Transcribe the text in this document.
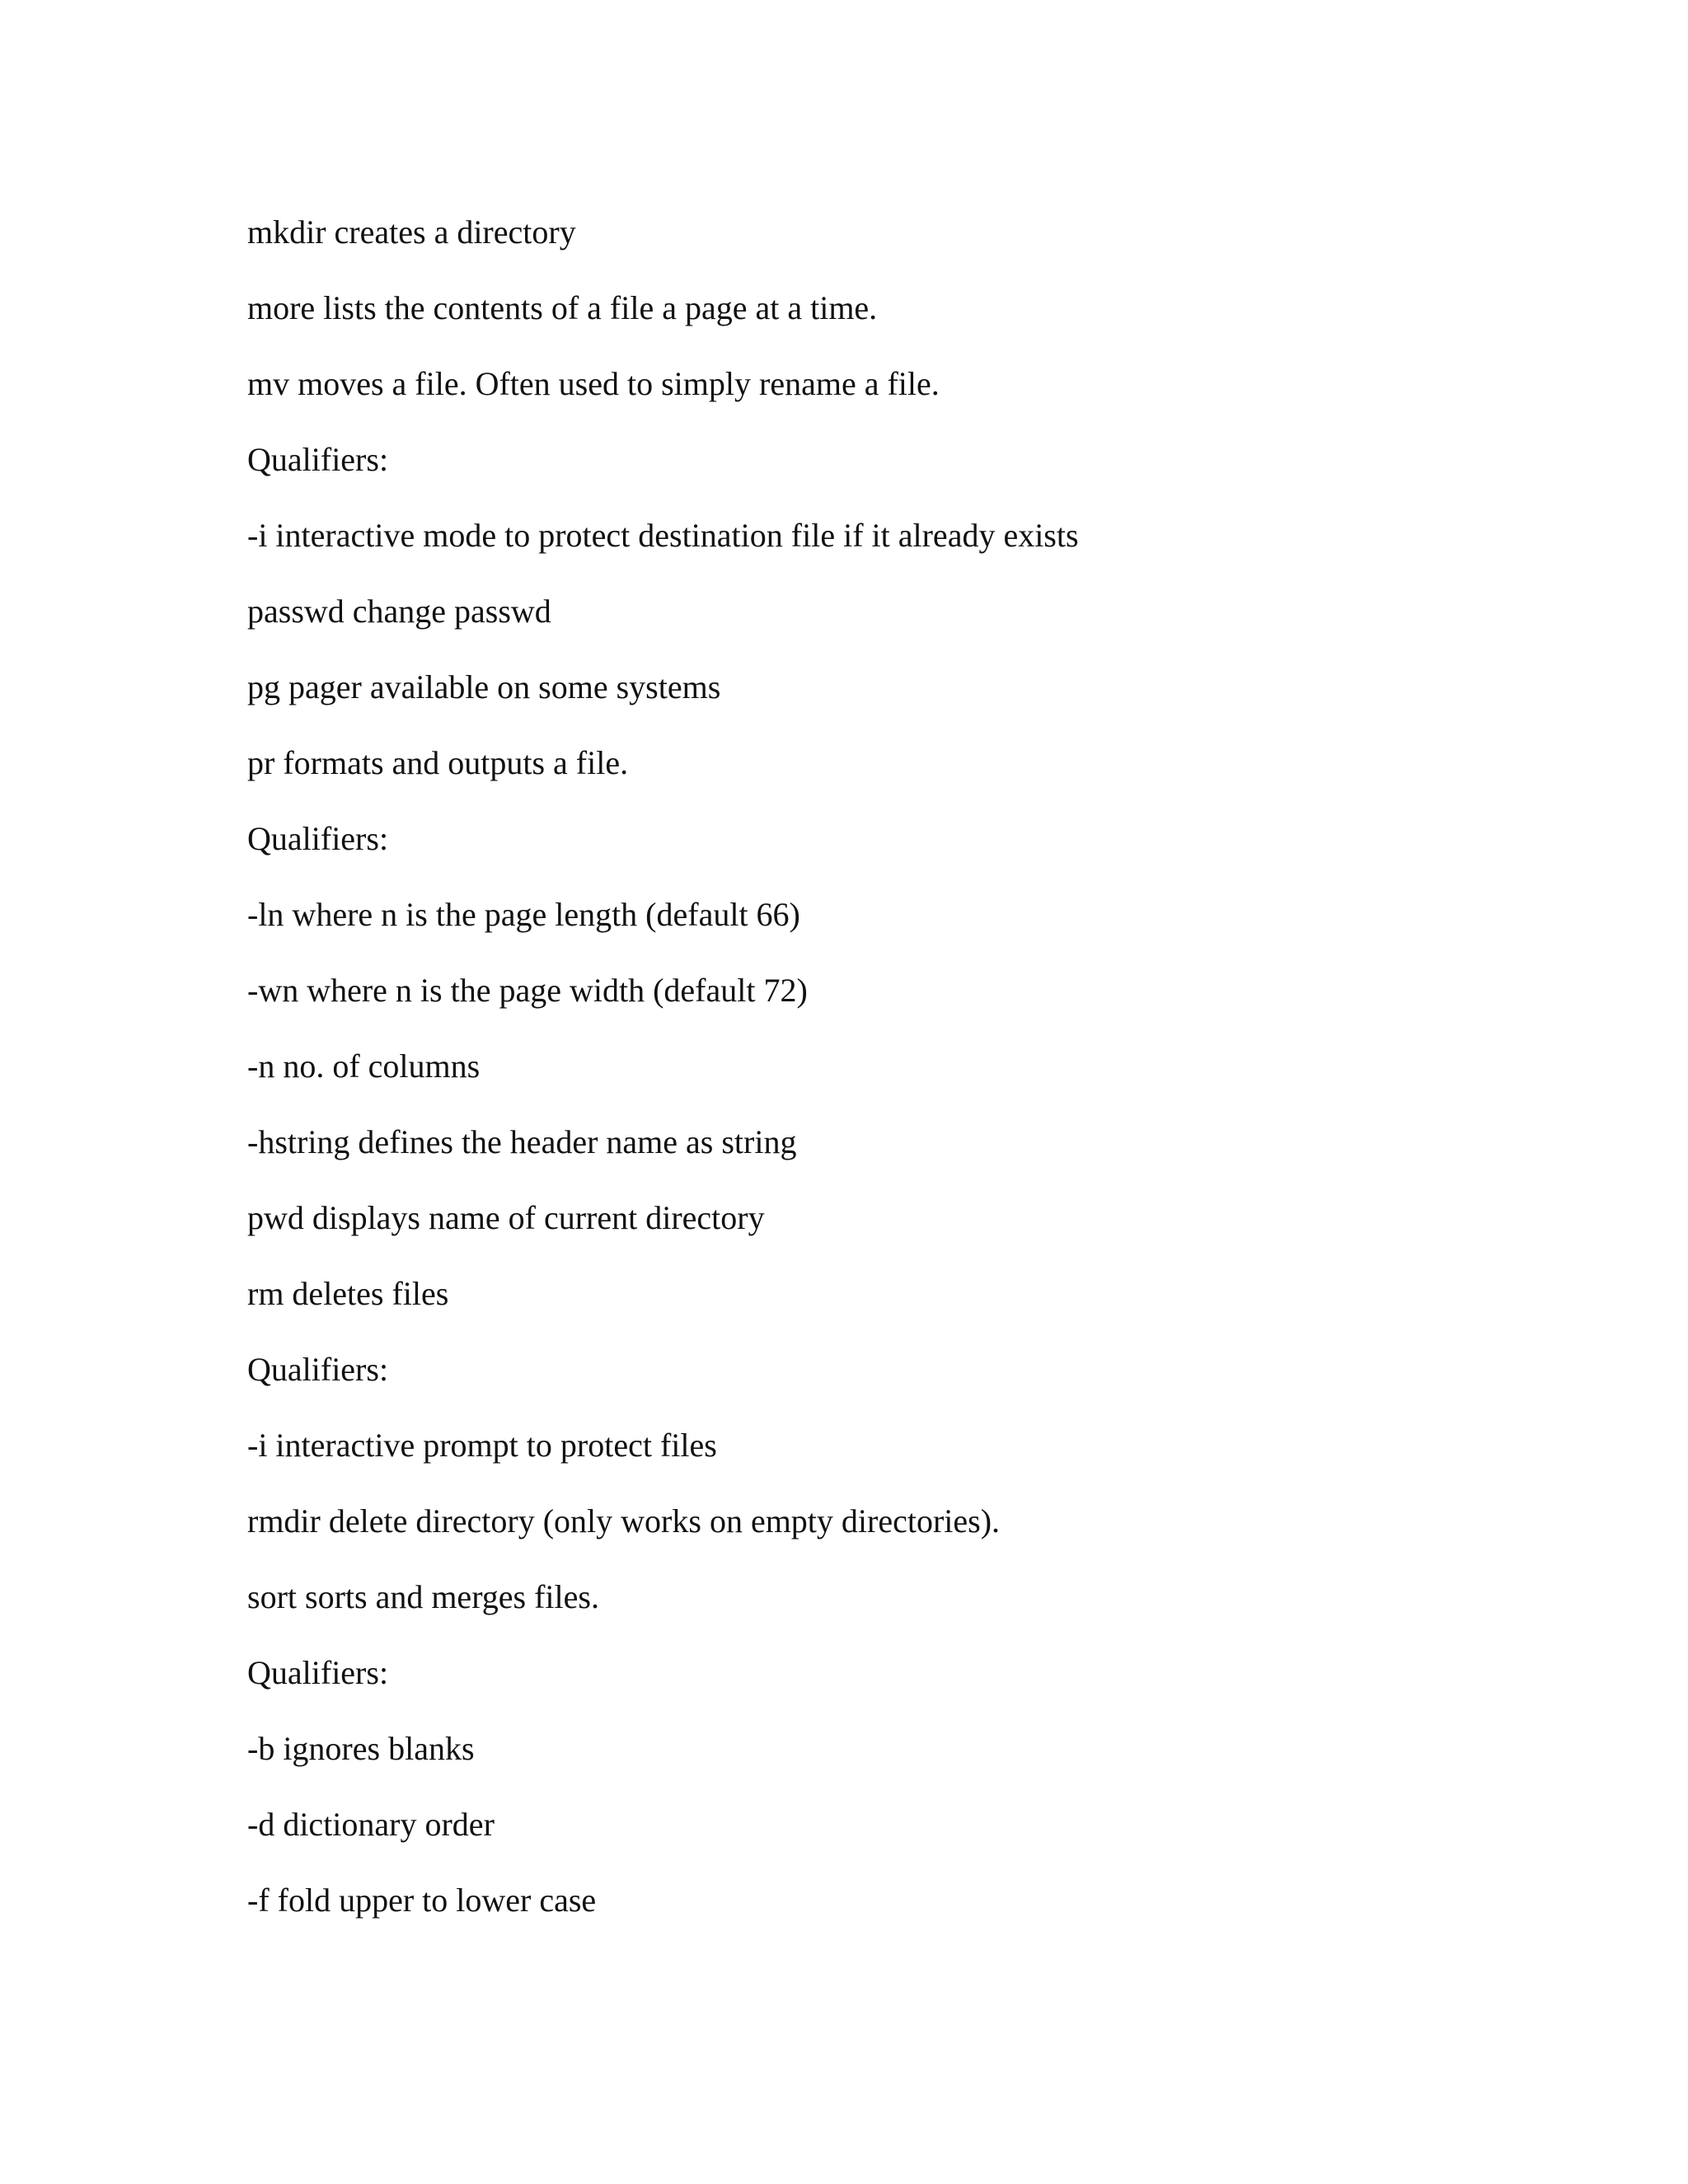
mkdir creates a directory
more lists the contents of a file a page at a time.
mv moves a file. Often used to simply rename a file.
Qualifiers:
-i interactive mode to protect destination file if it already exists
passwd change passwd
pg pager available on some systems
pr formats and outputs a file.
Qualifiers:
-ln where n is the page length (default 66)
-wn where n is the page width (default 72)
-n no. of columns
-hstring defines the header name as string
pwd displays name of current directory
rm deletes files
Qualifiers:
-i interactive prompt to protect files
rmdir delete directory (only works on empty directories).
sort sorts and merges files.
Qualifiers:
-b ignores blanks
-d dictionary order
-f fold upper to lower case
